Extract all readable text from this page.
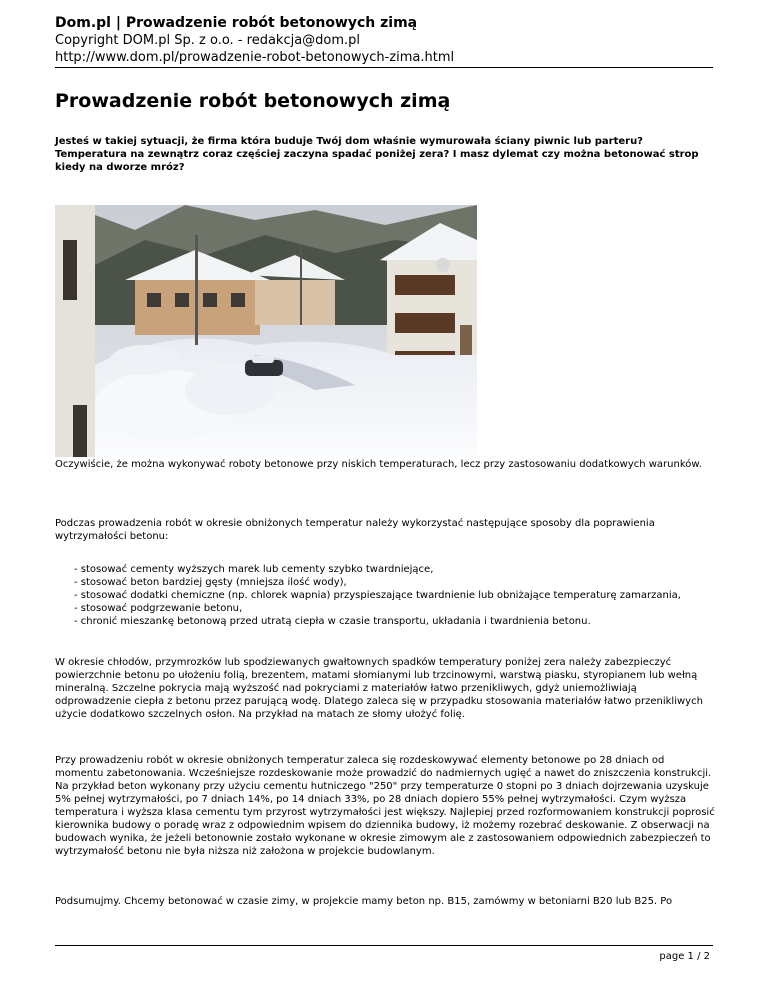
Dom.pl | Prowadzenie robót betonowych zimą
Copyright DOM.pl Sp. z o.o. - redakcja@dom.pl
http://www.dom.pl/prowadzenie-robot-betonowych-zima.html
Prowadzenie robót betonowych zimą
Jesteś w takiej sytuacji, że firma która buduje Twój dom właśnie wymurowała ściany piwnic lub parteru? Temperatura na zewnątrz coraz częściej zaczyna spadać poniżej zera? I masz dylemat czy można betonować strop kiedy na dworze mróz?
Oczywiście, że można wykonywać roboty betonowe przy niskich temperaturach, lecz przy zastosowaniu dodatkowych warunków.
Podczas prowadzenia robót w okresie obniżonych temperatur należy wykorzystać następujące sposoby dla poprawienia wytrzymałości betonu:
- stosować cementy wyższych marek lub cementy szybko twardniejące,
- stosować beton bardziej gęsty (mniejsza ilość wody),
- stosować dodatki chemiczne (np. chlorek wapnia) przyspieszające twardnienie lub obniżające temperaturę zamarzania,
- stosować podgrzewanie betonu,
- chronić mieszankę betonową przed utratą ciepła w czasie transportu, układania i twardnienia betonu.
W okresie chłodów, przymrozków lub spodziewanych gwałtownych spadków temperatury poniżej zera należy zabezpieczyć powierzchnie betonu po ułożeniu folią, brezentem, matami słomianymi lub trzcinowymi, warstwą piasku, styropianem lub wełną mineralną. Szczelne pokrycia mają wyższość nad pokryciami z materiałów łatwo przenikliwych, gdyż uniemożliwiają odprowadzenie ciepła z betonu przez parującą wodę. Dlatego zaleca się w przypadku stosowania materiałów łatwo przenikliwych użycie dodatkowo szczelnych osłon. Na przykład na matach ze słomy ułożyć folię.
Przy prowadzeniu robót w okresie obniżonych temperatur zaleca się rozdeskowywać elementy betonowe po 28 dniach od momentu zabetonowania. Wcześniejsze rozdeskowanie może prowadzić do nadmiernych ugięć a nawet do zniszczenia konstrukcji. Na przykład beton wykonany przy użyciu cementu hutniczego "250" przy temperaturze 0 stopni po 3 dniach dojrzewania uzyskuje 5% pełnej wytrzymałości, po 7 dniach 14%, po 14 dniach 33%, po 28 dniach dopiero 55% pełnej wytrzymałości. Czym wyższa temperatura i wyższa klasa cementu tym przyrost wytrzymałości jest większy. Najlepiej przed rozformowaniem konstrukcji poprosić kierownika budowy o poradę wraz z odpowiednim wpisem do dziennika budowy, iż możemy rozebrać deskowanie. Z obserwacji na budowach wynika, że jeżeli betonownie zostało wykonane w okresie zimowym ale z zastosowaniem odpowiednich zabezpieczeń to wytrzymałość betonu nie była niższa niż założona w projekcie budowlanym.
Podsumujmy. Chcemy betonować w czasie zimy, w projekcie mamy beton np. B15, zamówmy w betoniarni B20 lub B25. Po
page 1 / 2
